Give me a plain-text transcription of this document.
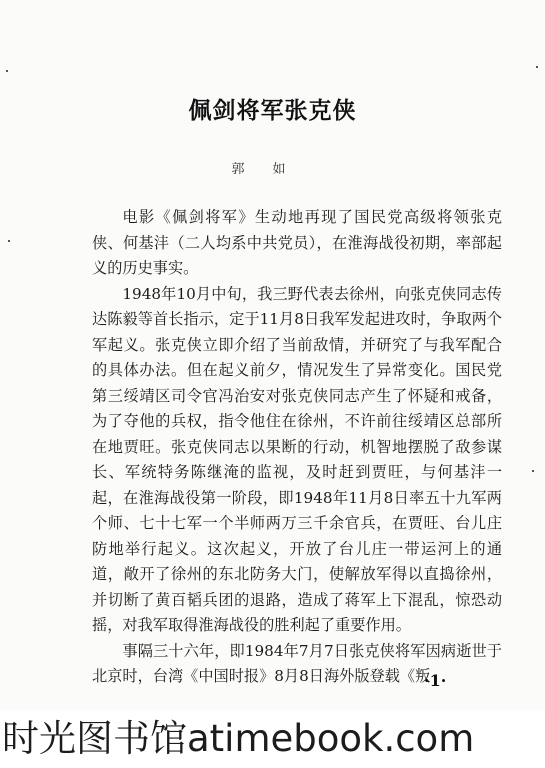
佩剑将军张克侠
郭如

电影《佩剑将军》生动地再现了国民党高级将领张克侠、何基沣（二人均系中共党员），在淮海战役初期，率部起义的历史事实。

1948年10月中旬，我三野代表去徐州，向张克侠同志传达陈毅等首长指示，定于11月8日我军发起进攻时，争取两个军起义。张克侠立即介绍了当前敌情，并研究了与我军配合的具体办法。但在起义前夕，情况发生了异常变化。国民党第三绥靖区司令官冯治安对张克侠同志产生了怀疑和戒备，为了夺他的兵权，指令他住在徐州，不许前往绥靖区总部所在地贾旺。张克侠同志以果断的行动，机智地摆脱了敌参谋长、军统特务陈继淹的监视，及时赶到贾旺，与何基沣一起，在淮海战役第一阶段，即1948年11月8日率五十九军两个师、七十七军一个半师两万三千余官兵，在贾旺、台儿庄防地举行起义。这次起义，开放了台儿庄一带运河上的通道，敞开了徐州的东北防务大门，使解放军得以直捣徐州，并切断了黄百韬兵团的退路，造成了蒋军上下混乱，惊恐动摇，对我军取得淮海战役的胜利起了重要作用。

事隔三十六年，即1984年7月7日张克侠将军因病逝世于北京时，台湾《中国时报》8月8日海外版登载《叛

·1·
时光图书馆atimebook.com
